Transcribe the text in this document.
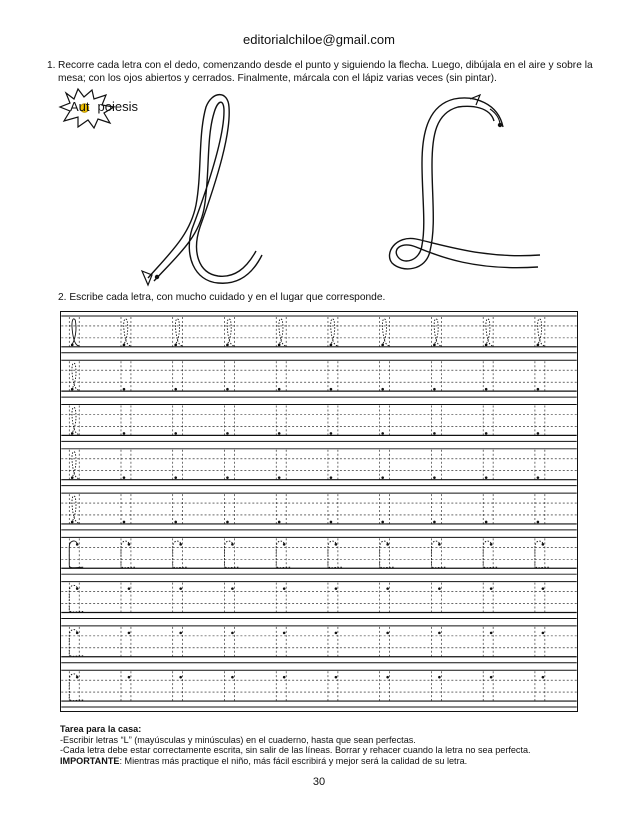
editorialchiloe@gmail.com
1. Recorre cada letra con el dedo, comenzando desde el punto y siguiendo la flecha. Luego, dibújala en el aire y sobre la mesa; con los ojos abiertos y cerrados. Finalmente, márcala con el lápiz varias veces (sin pintar).
Aut poiesis
2. Escribe cada letra, con mucho cuidado y en el lugar que corresponde.
Tarea para la casa:
-Escribir letras “L” (mayúsculas y minúsculas) en el cuaderno, hasta que sean perfectas.
-Cada letra debe estar correctamente escrita, sin salir de las líneas. Borrar y rehacer cuando la letra no sea perfecta.
IMPORTANTE: Mientras más practique el niño, más fácil escribirá y mejor será la calidad de su letra.
30
